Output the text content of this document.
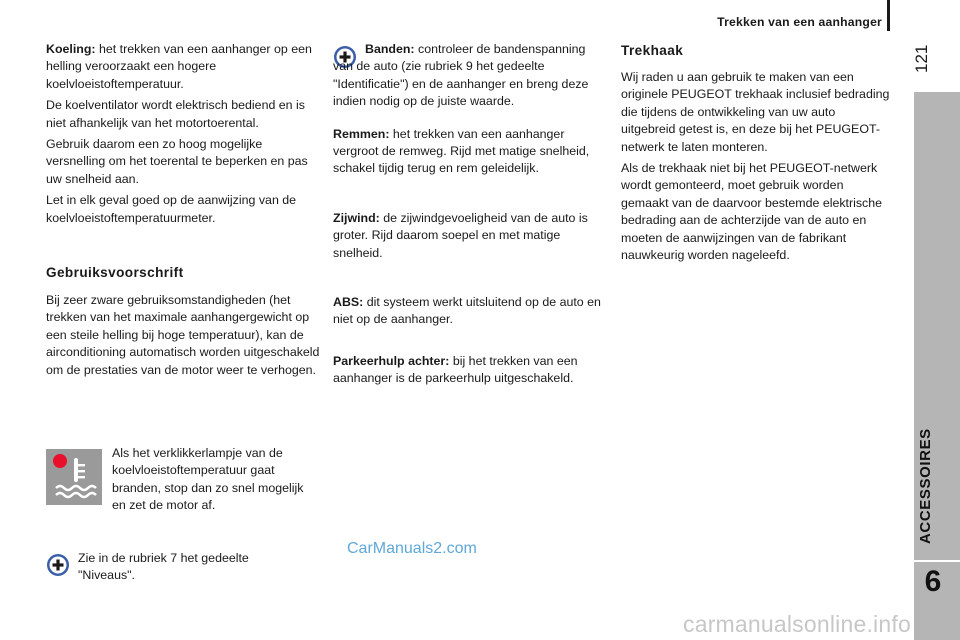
Trekken van een aanhanger
121
ACCESSOIRES
6

Koeling: het trekken van een aanhanger op een helling veroorzaakt een hogere koelvloeistoftemperatuur.

De koelventilator wordt elektrisch bediend en is niet afhankelijk van het motortoerental.

Gebruik daarom een zo hoog mogelijke versnelling om het toerental te beperken en pas uw snelheid aan.

Let in elk geval goed op de aanwijzing van de koelvloeistoftemperatuurmeter.

Gebruiksvoorschrift

Bij zeer zware gebruiksomstandigheden (het trekken van het maximale aanhangergewicht op een steile helling bij hoge temperatuur), kan de airconditioning automatisch worden uitgeschakeld om de prestaties van de motor weer te verhogen.

Als het verklikkerlampje van de koelvloeistoftemperatuur gaat branden, stop dan zo snel mogelijk en zet de motor af.

Zie in de rubriek 7 het gedeelte "Niveaus".

Banden: controleer de bandenspanning van de auto (zie rubriek 9 het gedeelte "Identificatie") en de aanhanger en breng deze indien nodig op de juiste waarde.

Remmen: het trekken van een aanhanger vergroot de remweg. Rijd met matige snelheid, schakel tijdig terug en rem geleidelijk.

Zijwind: de zijwindgevoeligheid van de auto is groter. Rijd daarom soepel en met matige snelheid.

ABS: dit systeem werkt uitsluitend op de auto en niet op de aanhanger.

Parkeerhulp achter: bij het trekken van een aanhanger is de parkeerhulp uitgeschakeld.

Trekhaak

Wij raden u aan gebruik te maken van een originele PEUGEOT trekhaak inclusief bedrading die tijdens de ontwikkeling van uw auto uitgebreid getest is, en deze bij het PEUGEOT-netwerk te laten monteren.

Als de trekhaak niet bij het PEUGEOT-netwerk wordt gemonteerd, moet gebruik worden gemaakt van de daarvoor bestemde elektrische bedrading aan de achterzijde van de auto en moeten de aanwijzingen van de fabrikant nauwkeurig worden nageleefd.

CarManuals2.com
carmanualsonline.info
